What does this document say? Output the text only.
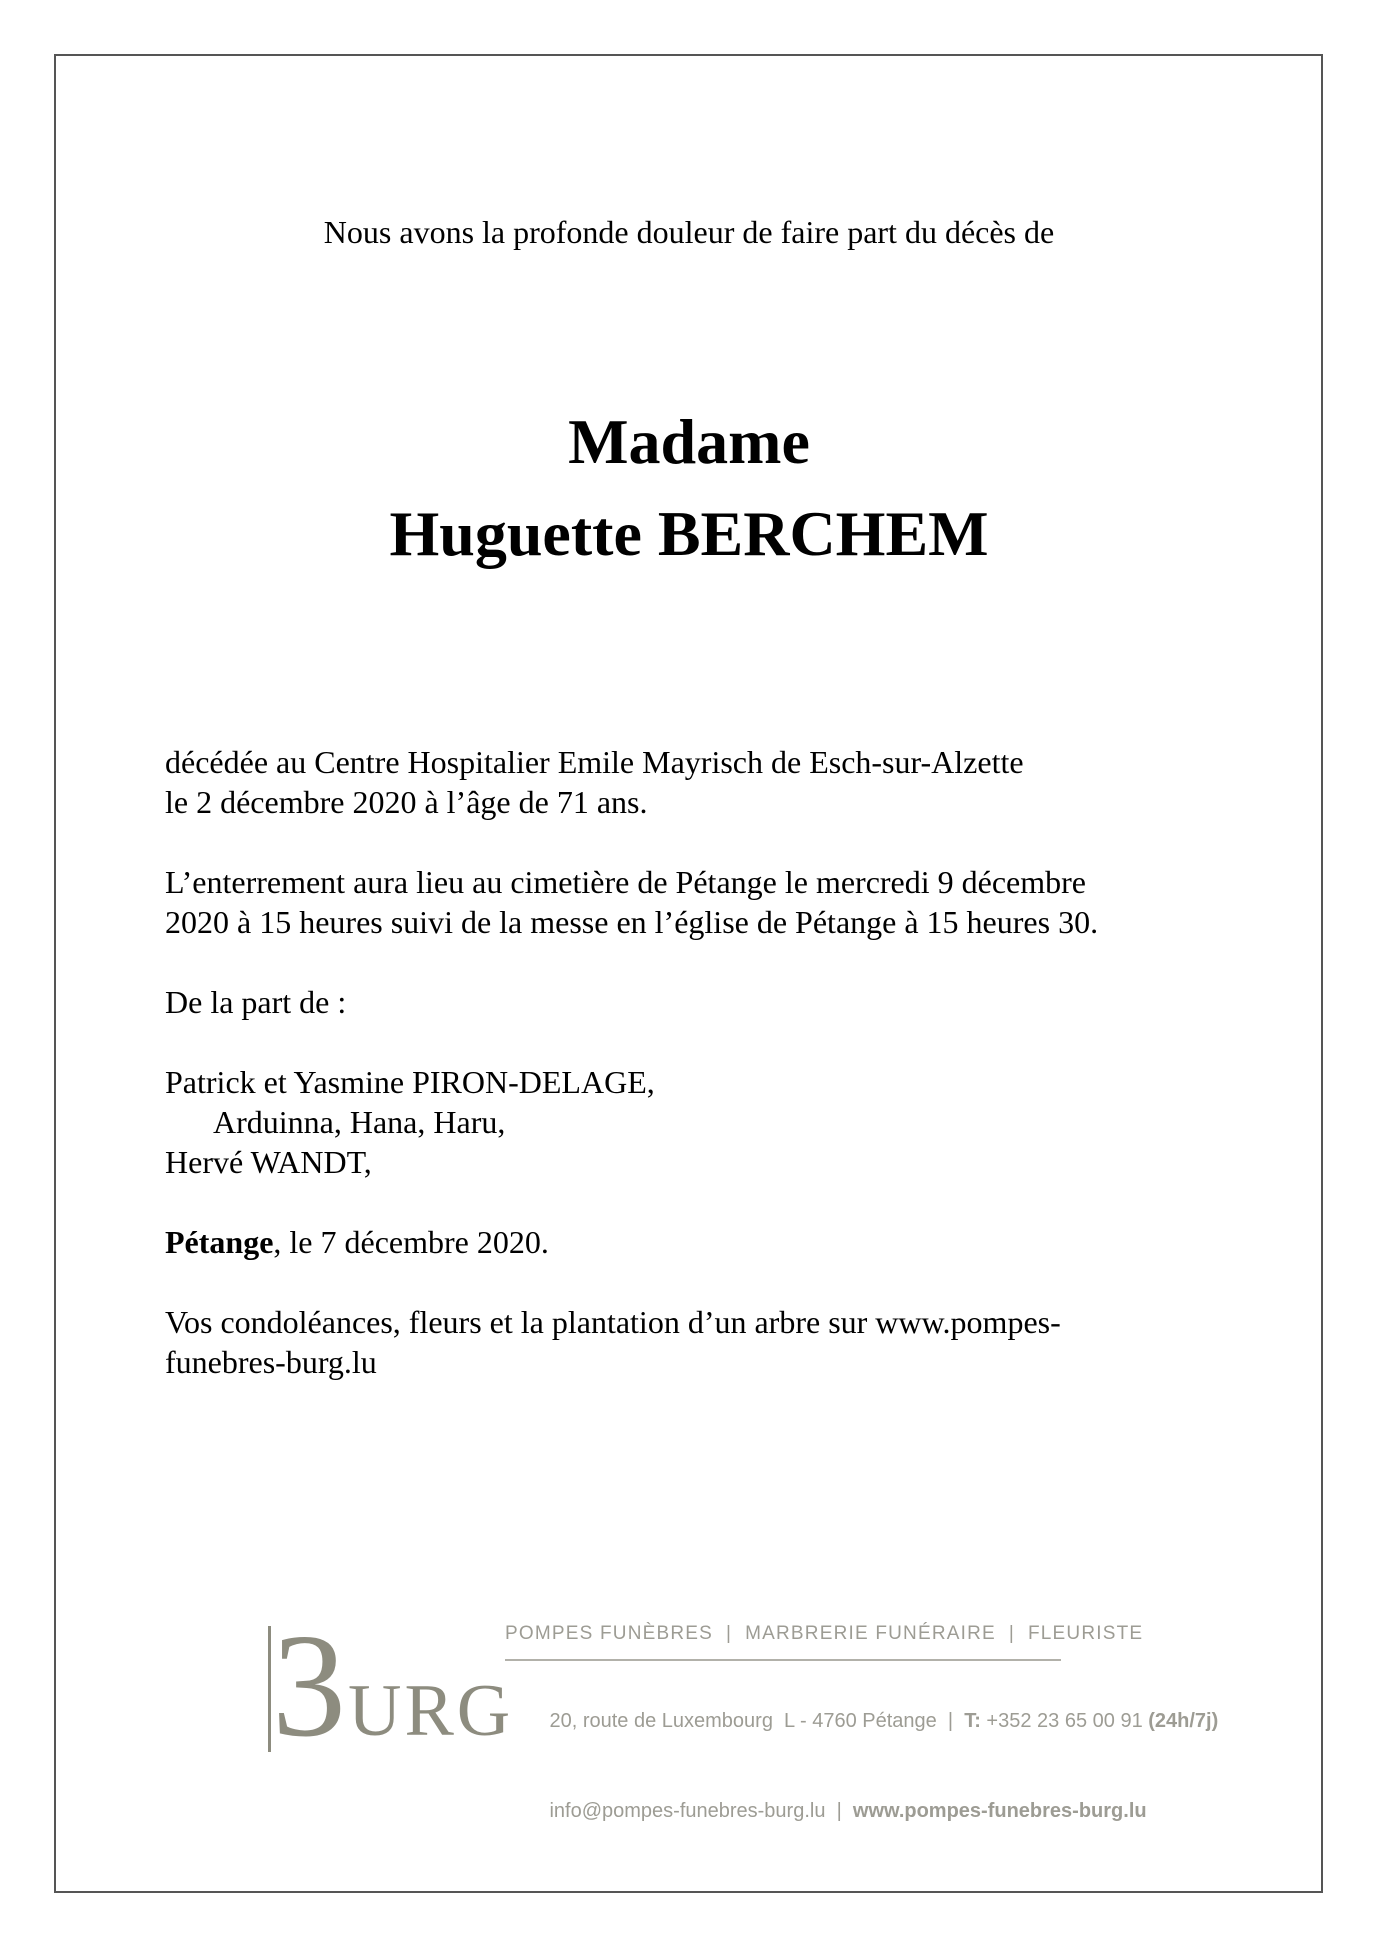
Nous avons la profonde douleur de faire part du décès de
Madame
Huguette BERCHEM

décédée au Centre Hospitalier Emile Mayrisch de Esch-sur-Alzette
le 2 décembre 2020 à l’âge de 71 ans.

L’enterrement aura lieu au cimetière de Pétange le mercredi 9 décembre
2020 à 15 heures suivi de la messe en l’église de Pétange à 15 heures 30.

De la part de :

Patrick et Yasmine PIRON-DELAGE,
Arduinna, Hana, Haru,
Hervé WANDT,

Pétange, le 7 décembre 2020.

Vos condoléances, fleurs et la plantation d’un arbre sur www.pompes-
funebres-burg.lu

3 URG
POMPES FUNÈBRES  |  MARBRERIE FUNÉRAIRE  |  FLEURISTE

20, route de Luxembourg  L - 4760 Pétange  |  T: +352 23 65 00 91 (24h/7j)

info@pompes-funebres-burg.lu  |  www.pompes-funebres-burg.lu
